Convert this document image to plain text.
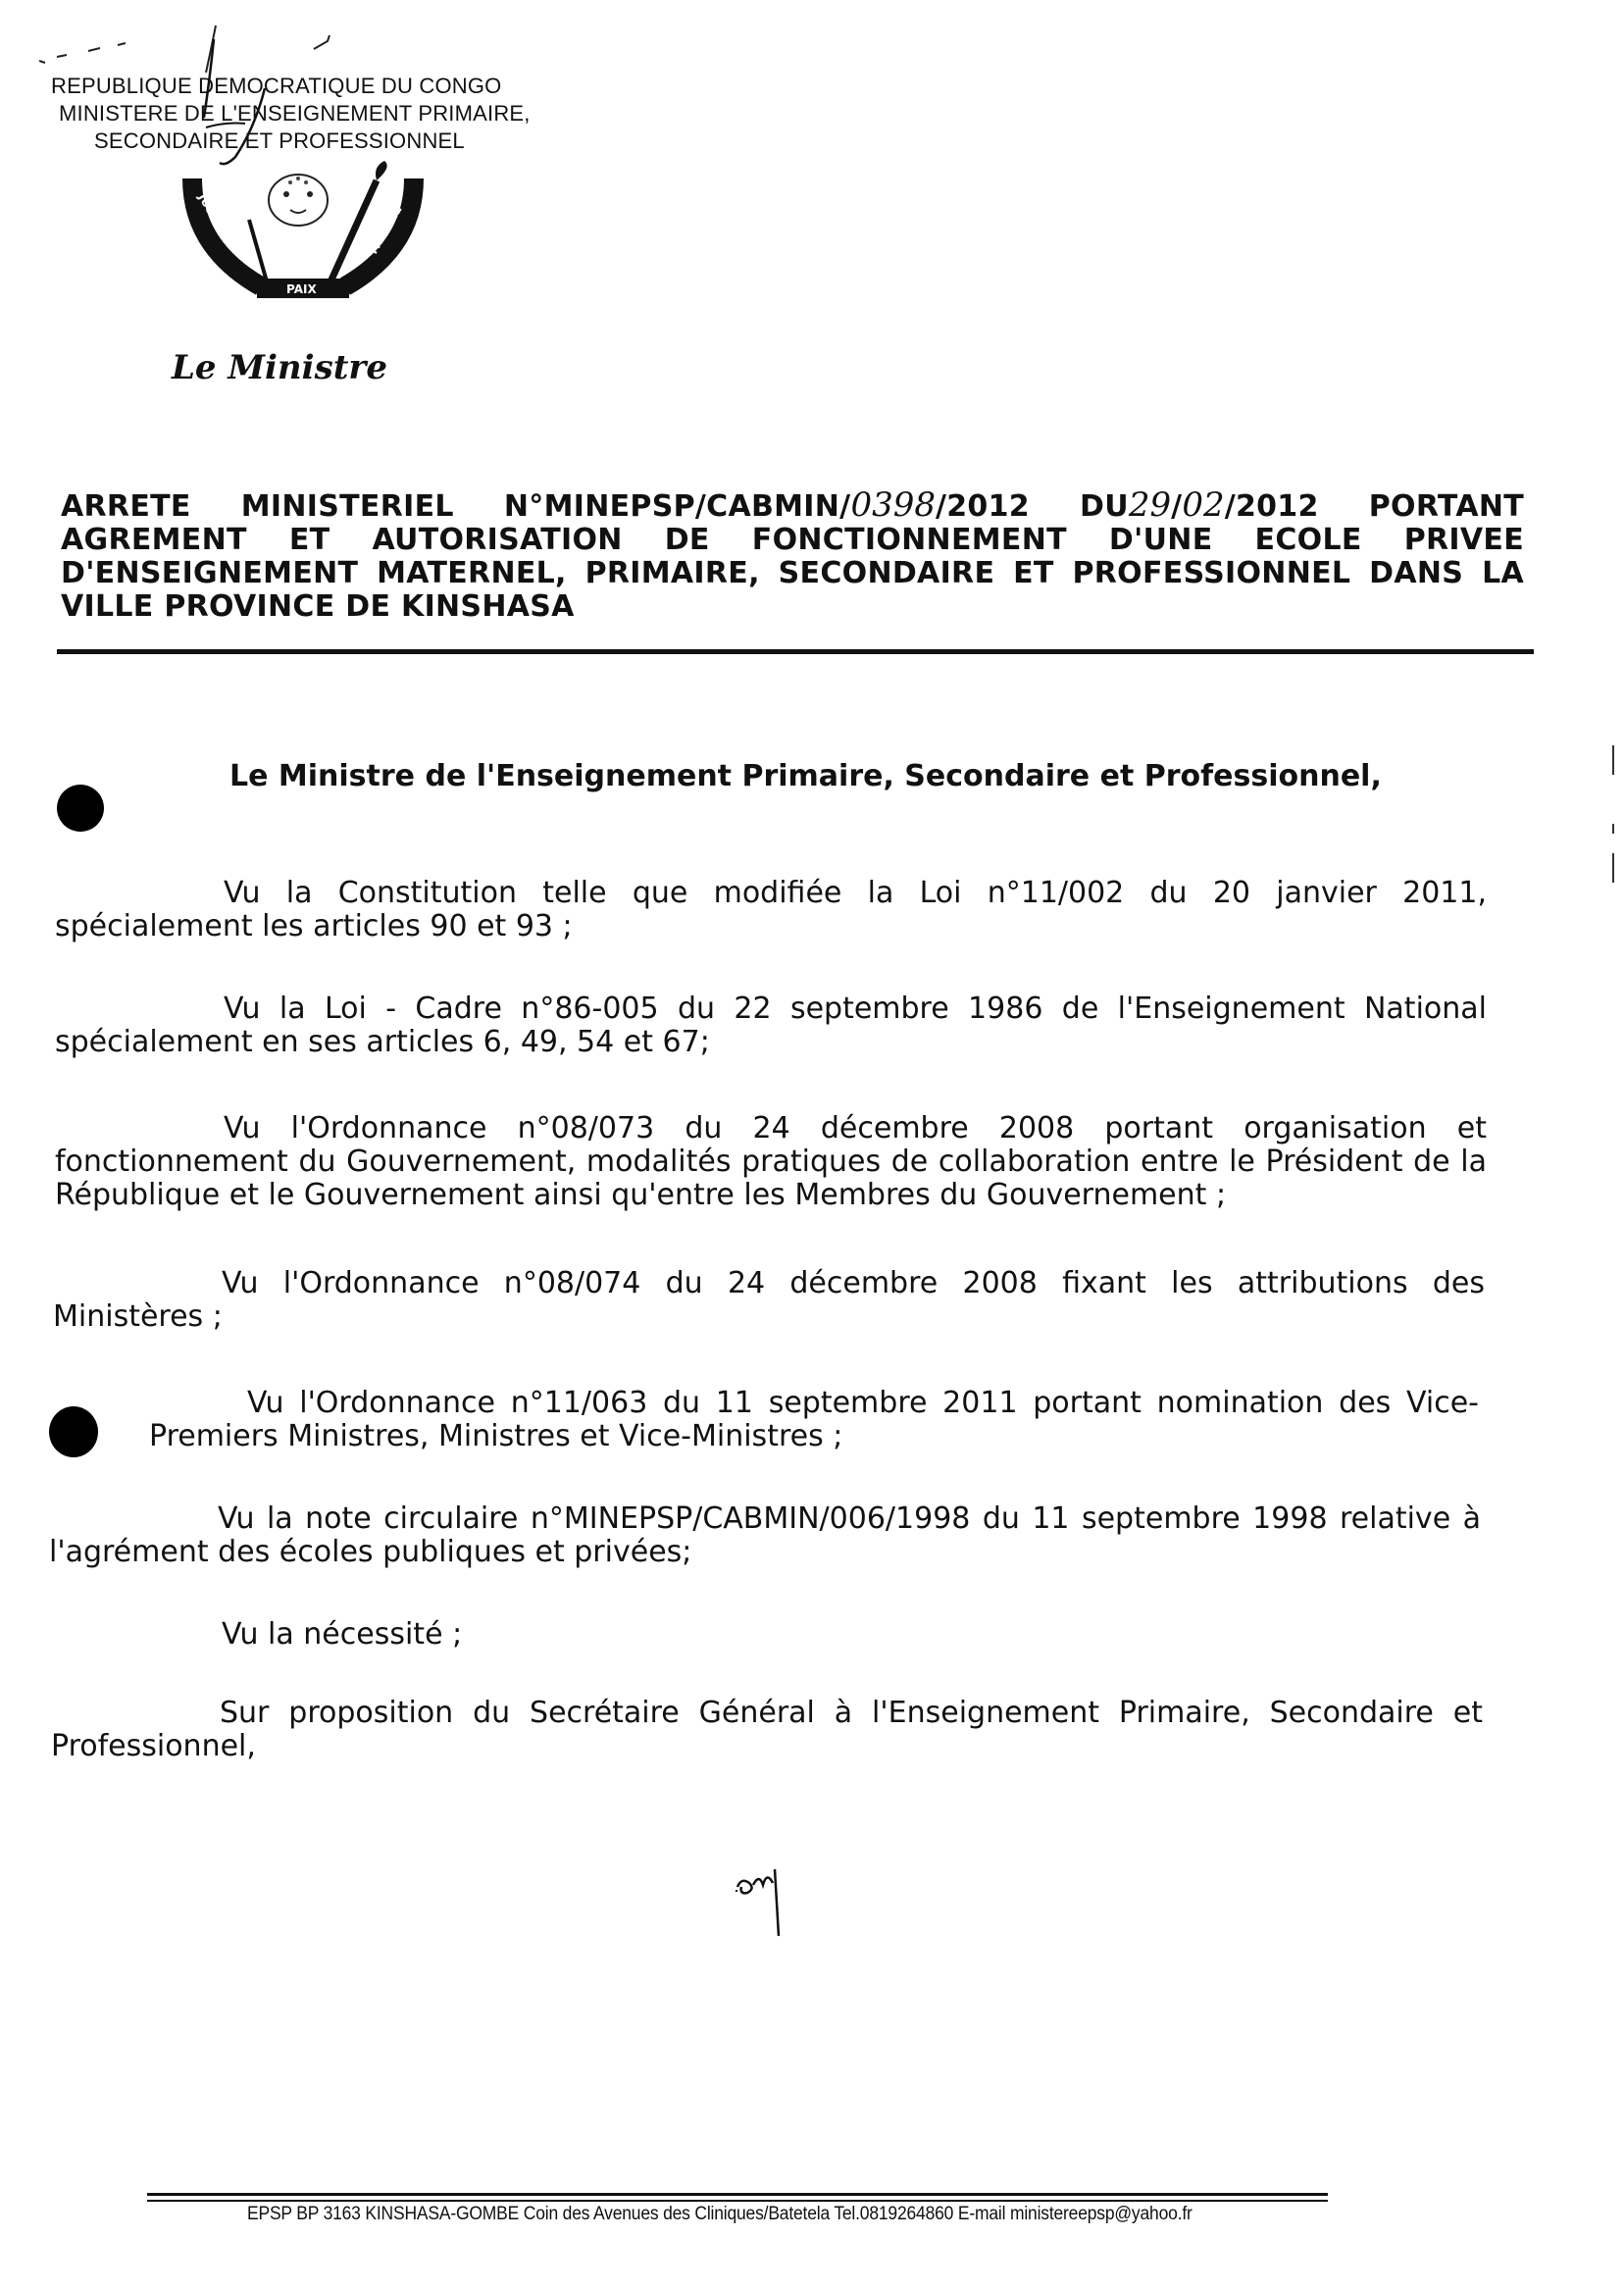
REPUBLIQUE DEMOCRATIQUE DU CONGO
MINISTERE DE L'ENSEIGNEMENT PRIMAIRE,
SECONDAIRE ET PROFESSIONNEL
JUSTICE
PAIX
TRAVAIL
Le Ministre
ARRETE MINISTERIEL N°MINEPSP/CABMIN/0398/2012 DU29/02/2012 PORTANT AGREMENT ET AUTORISATION DE FONCTIONNEMENT D'UNE ECOLE PRIVEE D'ENSEIGNEMENT MATERNEL, PRIMAIRE, SECONDAIRE ET PROFESSIONNEL DANS LA VILLE PROVINCE DE KINSHASA
Le Ministre de l'Enseignement Primaire, Secondaire et Professionnel,

Vu la Constitution telle que modifiée la Loi n°11/002 du 20 janvier 2011, spécialement les articles 90 et 93 ;

Vu la Loi - Cadre n°86-005 du 22 septembre 1986 de l'Enseignement National spécialement en ses articles 6, 49, 54 et 67;

Vu l'Ordonnance n°08/073 du 24 décembre 2008 portant organisation et fonctionnement du Gouvernement, modalités pratiques de collaboration entre le Président de la République et le Gouvernement ainsi qu'entre les Membres du Gouvernement ;

Vu l'Ordonnance n°08/074 du 24 décembre 2008 fixant les attributions des Ministères ;

Vu l'Ordonnance n°11/063 du 11 septembre 2011 portant nomination des Vice-Premiers Ministres, Ministres et Vice-Ministres ;

Vu la note circulaire n°MINEPSP/CABMIN/006/1998 du 11 septembre 1998 relative à l'agrément des écoles publiques et privées;

Vu la nécessité ;

Sur proposition du Secrétaire Général à l'Enseignement Primaire, Secondaire et Professionnel,

EPSP BP 3163 KINSHASA-GOMBE Coin des Avenues des Cliniques/Batetela Tel.0819264860 E-mail ministereepsp@yahoo.fr
